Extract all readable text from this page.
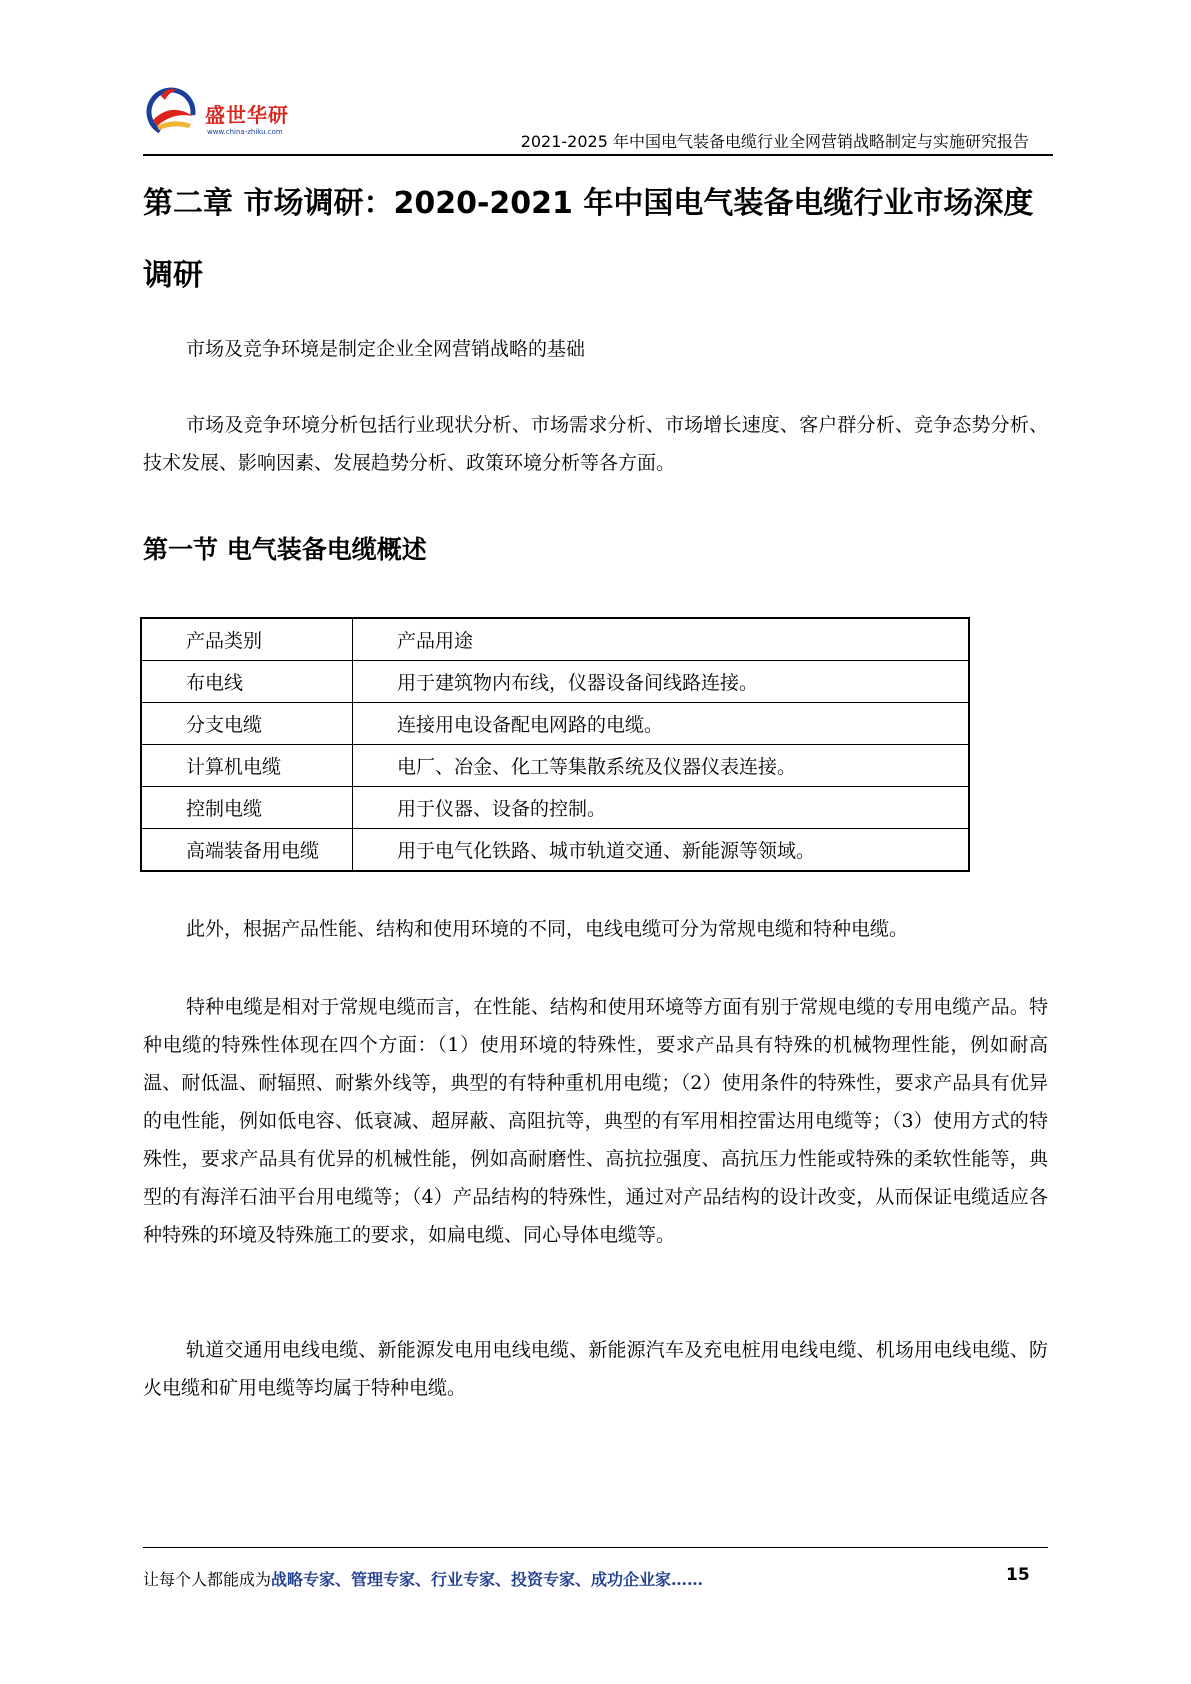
盛世华研
www.china-zhiku.com	2021-2025 年中国电气装备电缆行业全网营销战略制定与实施研究报告
第二章 市场调研：2020-2021 年中国电气装备电缆行业市场深度调研

市场及竞争环境是制定企业全网营销战略的基础

市场及竞争环境分析包括行业现状分析、市场需求分析、市场增长速度、客户群分析、竞争态势分析、技术发展、影响因素、发展趋势分析、政策环境分析等各方面。

第一节 电气装备电缆概述
产品类别	产品用途
布电线	用于建筑物内布线，仪器设备间线路连接。
分支电缆	连接用电设备配电网路的电缆。
计算机电缆	电厂、冶金、化工等集散系统及仪器仪表连接。
控制电缆	用于仪器、设备的控制。
高端装备用电缆	用于电气化铁路、城市轨道交通、新能源等领域。

此外，根据产品性能、结构和使用环境的不同，电线电缆可分为常规电缆和特种电缆。

特种电缆是相对于常规电缆而言，在性能、结构和使用环境等方面有别于常规电缆的专用电缆产品。特种电缆的特殊性体现在四个方面：（1）使用环境的特殊性，要求产品具有特殊的机械物理性能，例如耐高温、耐低温、耐辐照、耐紫外线等，典型的有特种重机用电缆；（2）使用条件的特殊性，要求产品具有优异的电性能，例如低电容、低衰减、超屏蔽、高阻抗等，典型的有军用相控雷达用电缆等；（3）使用方式的特殊性，要求产品具有优异的机械性能，例如高耐磨性、高抗拉强度、高抗压力性能或特殊的柔软性能等，典型的有海洋石油平台用电缆等；（4）产品结构的特殊性，通过对产品结构的设计改变，从而保证电缆适应各种特殊的环境及特殊施工的要求，如扁电缆、同心导体电缆等。

轨道交通用电线电缆、新能源发电用电线电缆、新能源汽车及充电桩用电线电缆、机场用电线电缆、防火电缆和矿用电缆等均属于特种电缆。

让每个人都能成为战略专家、管理专家、行业专家、投资专家、成功企业家……	15
